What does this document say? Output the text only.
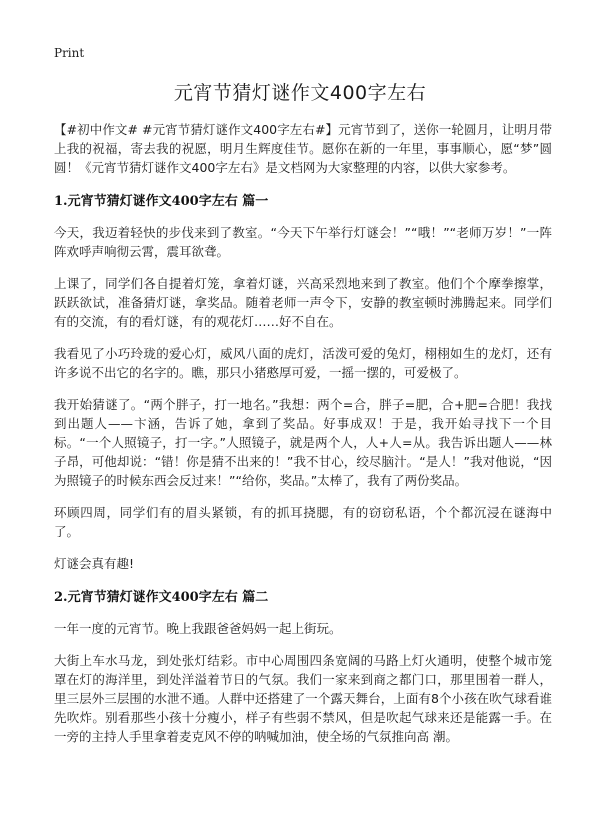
Print
元宵节猜灯谜作文400字左右

【#初中作文# #元宵节猜灯谜作文400字左右#】元宵节到了，送你一轮圆月，让明月带上我的祝福，寄去我的祝愿，明月生辉度佳节。愿你在新的一年里，事事顺心，愿“梦”圆圆！《元宵节猜灯谜作文400字左右》是文档网为大家整理的内容，以供大家参考。

1.元宵节猜灯谜作文400字左右 篇一

今天，我迈着轻快的步伐来到了教室。“今天下午举行灯谜会！”“哦！”“老师万岁！”一阵阵欢呼声响彻云霄，震耳欲聋。

上课了，同学们各自提着灯笼，拿着灯谜，兴高采烈地来到了教室。他们个个摩拳擦掌，跃跃欲试，准备猜灯谜，拿奖品。随着老师一声令下，安静的教室顿时沸腾起来。同学们有的交流，有的看灯谜，有的观花灯……好不自在。

我看见了小巧玲珑的爱心灯，威风八面的虎灯，活泼可爱的兔灯，栩栩如生的龙灯，还有许多说不出它的名字的。瞧，那只小猪憨厚可爱，一摇一摆的，可爱极了。

我开始猜谜了。“两个胖子，打一地名。”我想：两个=合，胖子=肥，合+肥=合肥！我找到出题人——卞涵，告诉了她，拿到了奖品。好事成双！于是，我开始寻找下一个目标。“一个人照镜子，打一字。”人照镜子，就是两个人，人+人=从。我告诉出题人——林子昂，可他却说：“错！你是猜不出来的！”我不甘心，绞尽脑汁。“是人！”我对他说，“因为照镜子的时候东西会反过来！”“给你，奖品。”太棒了，我有了两份奖品。

环顾四周，同学们有的眉头紧锁，有的抓耳挠腮，有的窃窃私语，个个都沉浸在谜海中了。

灯谜会真有趣!

2.元宵节猜灯谜作文400字左右 篇二

一年一度的元宵节。晚上我跟爸爸妈妈一起上街玩。

大街上车水马龙，到处张灯结彩。市中心周围四条宽阔的马路上灯火通明，使整个城市笼罩在灯的海洋里，到处洋溢着节日的气氛。我们一家来到商之都门口，那里围着一群人，里三层外三层围的水泄不通。人群中还搭建了一个露天舞台，上面有8个小孩在吹气球看谁先吹炸。别看那些小孩十分瘦小，样子有些弱不禁风，但是吹起气球来还是能露一手。在一旁的主持人手里拿着麦克风不停的呐喊加油，使全场的气氛推向高 潮。
